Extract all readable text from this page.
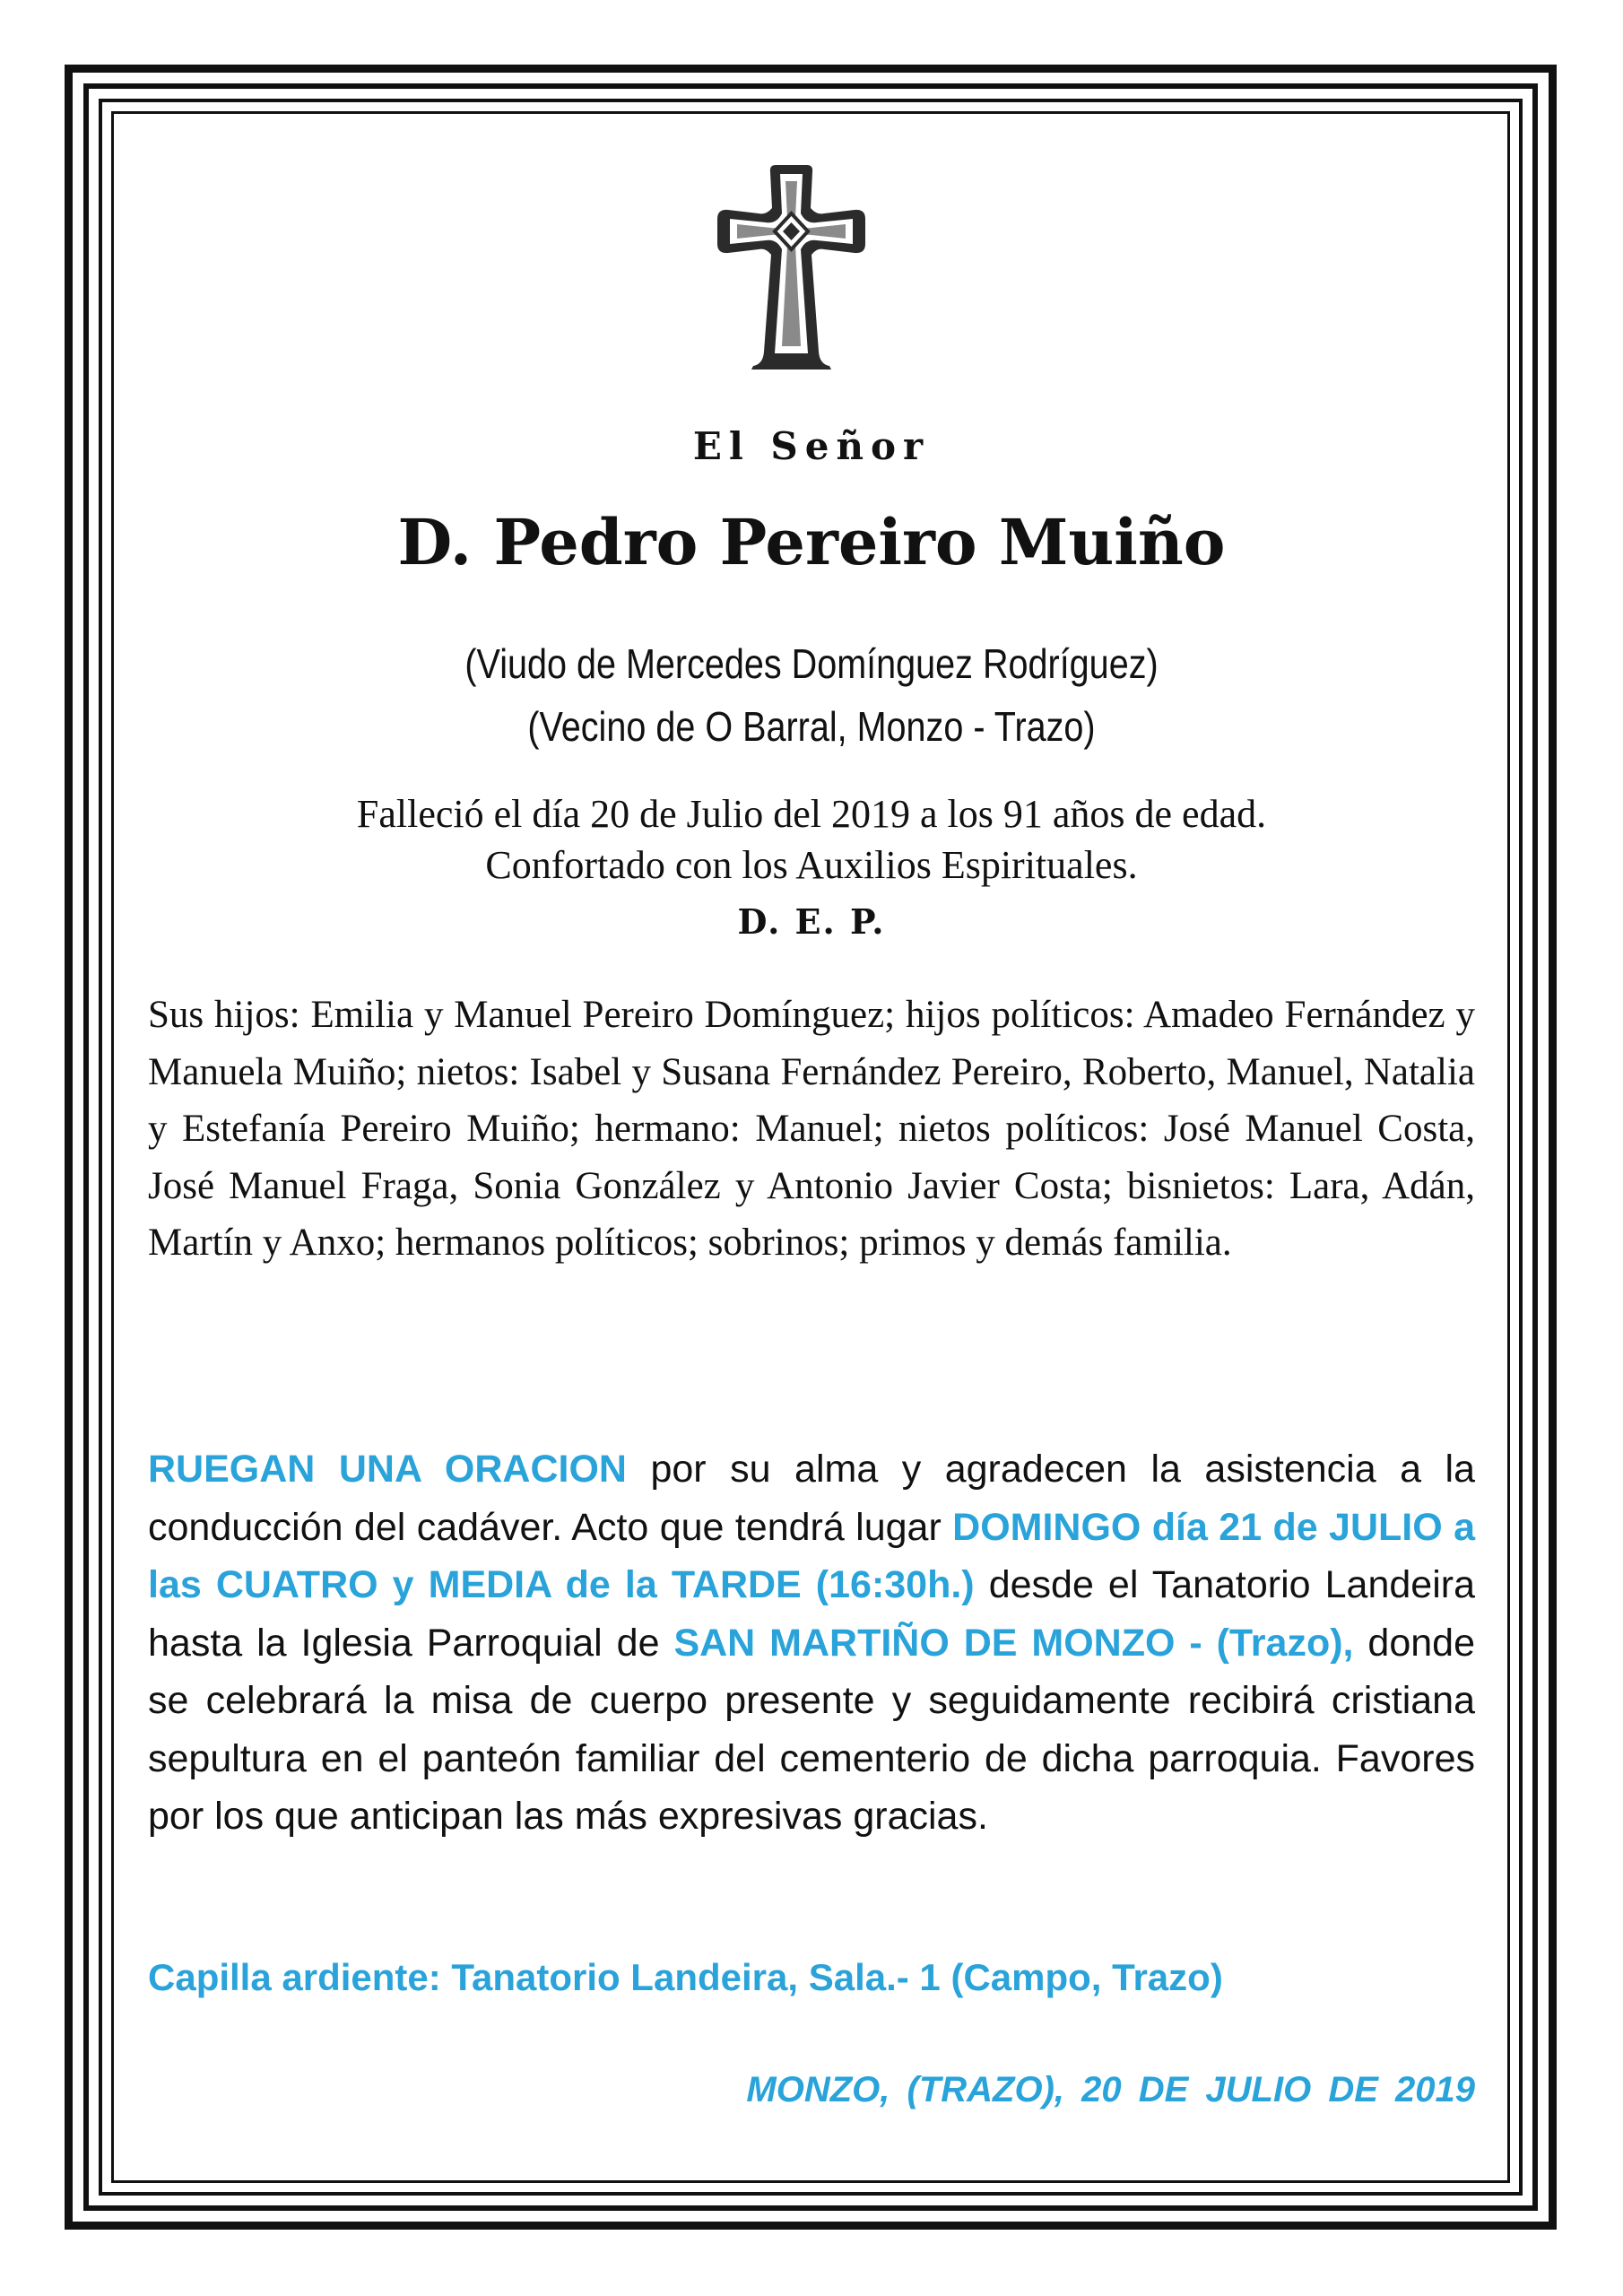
El Señor

D. Pedro Pereiro Muiño

(Viudo de Mercedes Domínguez Rodríguez)

(Vecino de O Barral, Monzo - Trazo)

Falleció el día 20 de Julio del 2019 a los 91 años de edad.

Confortado con los Auxilios Espirituales.

D. E. P.

Sus hijos: Emilia y Manuel Pereiro Domínguez; hijos políticos: Amadeo Fernández y Manuela Muiño; nietos: Isabel y Susana Fernández Pereiro, Roberto, Manuel, Natalia y Estefanía Pereiro Muiño; hermano: Manuel; nietos políticos: José Manuel Costa, José Manuel Fraga, Sonia González y Antonio Javier Costa; bisnietos: Lara, Adán, Martín y Anxo; hermanos políticos; sobrinos; primos y demás familia.

RUEGAN UNA ORACION por su alma y agradecen la asistencia a la conducción del cadáver. Acto que tendrá lugar DOMINGO día 21 de JULIO a las CUATRO y MEDIA de la TARDE (16:30h.) desde el Tanatorio Landeira hasta la Iglesia Parroquial de SAN MARTIÑO DE MONZO - (Trazo), donde se celebrará la misa de cuerpo presente y seguidamente recibirá cristiana sepultura en el panteón familiar del cementerio de dicha parroquia. Favores por los que anticipan las más expresivas gracias.

Capilla ardiente: Tanatorio Landeira, Sala.- 1 (Campo, Trazo)

MONZO, (TRAZO), 20 DE JULIO DE 2019
